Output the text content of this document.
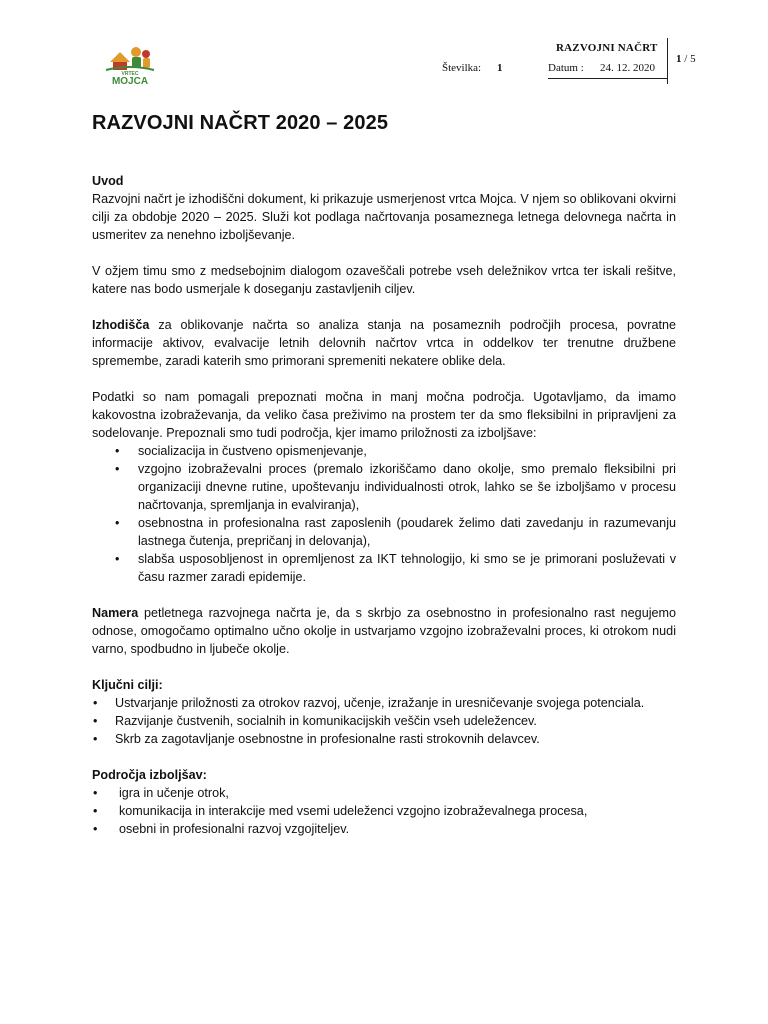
VRTEC
MOJCA
RAZVOJNI NAČRT
Številka: 1	Datum : 24. 12. 2020
1 / 5
RAZVOJNI NAČRT 2020 – 2025

Uvod

Razvojni načrt je izhodiščni dokument, ki prikazuje usmerjenost vrtca Mojca. V njem so oblikovani okvirni cilji za obdobje 2020 – 2025. Služi kot podlaga načrtovanja posameznega letnega delovnega načrta in usmeritev za nenehno izboljševanje.

V ožjem timu smo z medsebojnim dialogom ozaveščali potrebe vseh deležnikov vrtca ter iskali rešitve, katere nas bodo usmerjale k doseganju zastavljenih ciljev.

Izhodišča za oblikovanje načrta so analiza stanja na posameznih področjih procesa, povratne informacije aktivov, evalvacije letnih delovnih načrtov vrtca in oddelkov ter trenutne družbene spremembe, zaradi katerih smo primorani spremeniti nekatere oblike dela.

Podatki so nam pomagali prepoznati močna in manj močna področja. Ugotavljamo, da imamo kakovostna izobraževanja, da veliko časa preživimo na prostem ter da smo fleksibilni in pripravljeni za sodelovanje. Prepoznali smo tudi področja, kjer imamo priložnosti za izboljšave:

• socializacija in čustveno opismenjevanje,
• vzgojno izobraževalni proces (premalo izkoriščamo dano okolje, smo premalo fleksibilni pri organizaciji dnevne rutine, upoštevanju individualnosti otrok, lahko se še izboljšamo v procesu načrtovanja, spremljanja in evalviranja),
• osebnostna in profesionalna rast zaposlenih (poudarek želimo dati zavedanju in razumevanju lastnega čutenja, prepričanj in delovanja),
• slabša usposobljenost in opremljenost za IKT tehnologijo, ki smo se je primorani posluževati v času razmer zaradi epidemije.

Namera petletnega razvojnega načrta je, da s skrbjo za osebnostno in profesionalno rast negujemo odnose, omogočamo optimalno učno okolje in ustvarjamo vzgojno izobraževalni proces, ki otrokom nudi varno, spodbudno in ljubeče okolje.

Ključni cilji:

• Ustvarjanje priložnosti za otrokov razvoj, učenje, izražanje in uresničevanje svojega potenciala.
• Razvijanje čustvenih, socialnih in komunikacijskih veščin vseh udeležencev.
• Skrb za zagotavljanje osebnostne in profesionalne rasti strokovnih delavcev.

Področja izboljšav:

• igra in učenje otrok,
• komunikacija in interakcije med vsemi udeleženci vzgojno izobraževalnega procesa,
• osebni in profesionalni razvoj vzgojiteljev.
